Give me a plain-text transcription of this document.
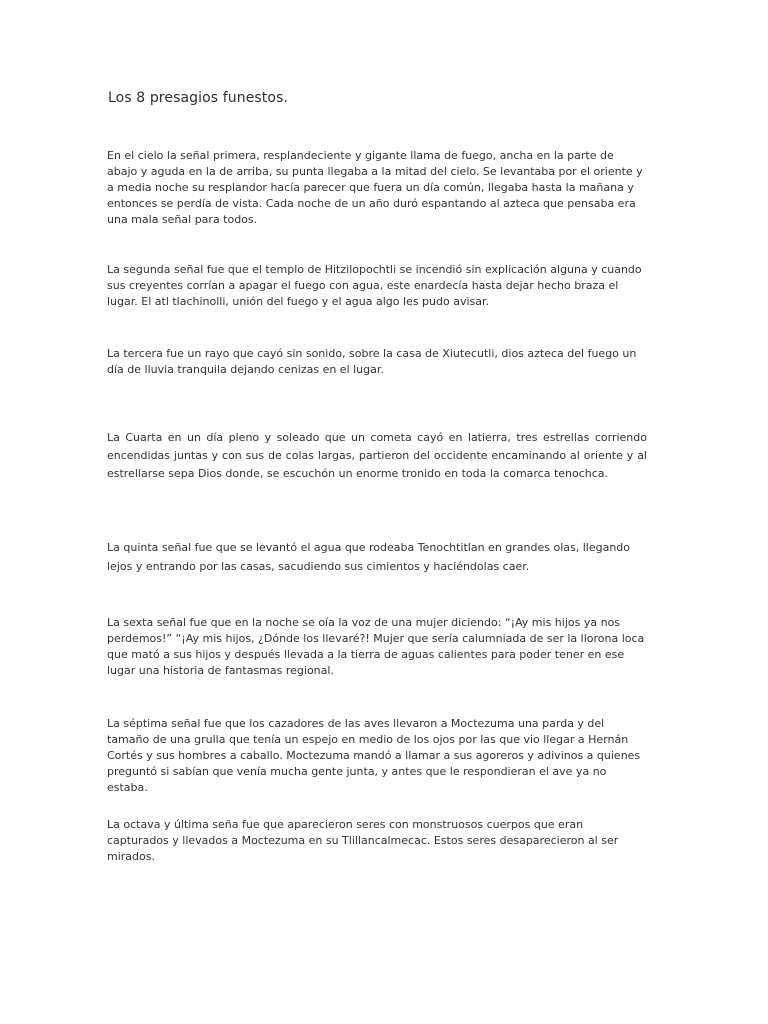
Los 8 presagios funestos.

En el cielo la señal primera, resplandeciente y gigante llama de fuego, ancha en la parte de abajo y aguda en la de arriba, su punta llegaba a la mitad del cielo. Se levantaba por el oriente y a media noche su resplandor hacía parecer que fuera un día común, llegaba hasta la mañana y entonces se perdía de vista. Cada noche de un año duró espantando al azteca que pensaba era una mala señal para todos.

La segunda señal fue que el templo de Hitzilopochtli se incendió sin explicación alguna y cuando sus creyentes corrían a apagar el fuego con agua, este enardecía hasta dejar hecho braza el lugar. El atl tlachinolli, unión del fuego y el agua algo les pudo avisar.

La tercera fue un rayo que cayó sin sonido, sobre la casa de Xiutecutli, dios azteca del fuego un día de lluvia tranquila dejando cenizas en el lugar.

La Cuarta en un día pleno y soleado que un cometa cayó en latierra, tres estrellas corriendo encendidas juntas y con sus de colas largas, partieron del occidente encaminando al oriente y al estrellarse sepa Dios donde, se escuchón un enorme tronido en toda la comarca tenochca.

La quinta señal fue que se levantó el agua que rodeaba Tenochtitlan en grandes olas, llegando lejos y entrando por las casas, sacudiendo sus cimientos y haciéndolas caer.

La sexta señal fue que en la noche se oía la voz de una mujer diciendo: “¡Ay mis hijos ya nos perdemos!” “¡Ay mis hijos, ¿Dónde los llevaré?! Mujer que sería calumniada de ser la llorona loca que mató a sus hijos y después llevada a la tierra de aguas calientes para poder tener en ese lugar una historia de fantasmas regional.

La séptima señal fue que los cazadores de las aves llevaron a Moctezuma una parda y del tamaño de una grulla que tenía un espejo en medio de los ojos por las que vio llegar a Hernán Cortés y sus hombres a caballo. Moctezuma mandó a llamar a sus agoreros y adivinos a quienes preguntó si sabían que venía mucha gente junta, y antes que le respondieran el ave ya no estaba.

La octava y última seña fue que aparecieron seres con monstruosos cuerpos que eran capturados y llevados a Moctezuma en su Tlillancalmecac. Estos seres desaparecieron al ser mirados.
